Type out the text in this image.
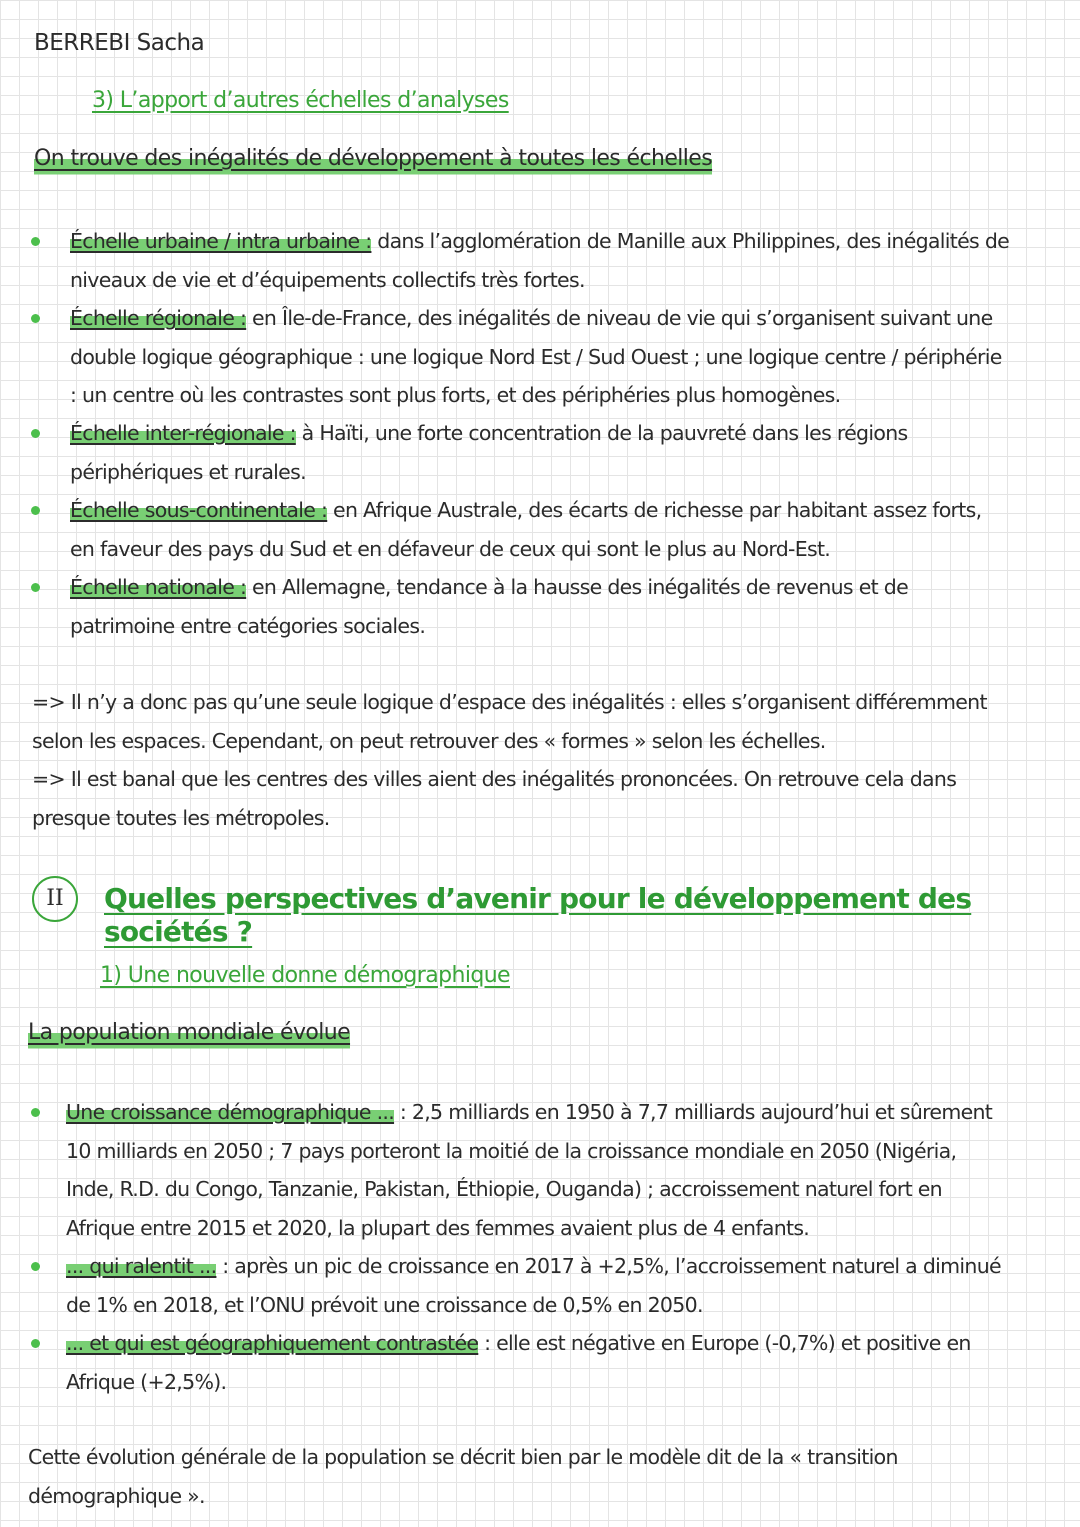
BERREBI Sacha
3) L’apport d’autres échelles d’analyses
On trouve des inégalités de développement à toutes les échelles
Échelle urbaine / intra urbaine : dans l’agglomération de Manille aux Philippines, des inégalités de niveaux de vie et d’équipements collectifs très fortes.
Échelle régionale : en Île-de-France, des inégalités de niveau de vie qui s’organisent suivant une double logique géographique : une logique Nord Est / Sud Ouest ; une logique centre / périphérie : un centre où les contrastes sont plus forts, et des périphéries plus homogènes.
Échelle inter-régionale : à Haïti, une forte concentration de la pauvreté dans les régions périphériques et rurales.
Échelle sous-continentale : en Afrique Australe, des écarts de richesse par habitant assez forts, en faveur des pays du Sud et en défaveur de ceux qui sont le plus au Nord-Est.
Échelle nationale : en Allemagne, tendance à la hausse des inégalités de revenus et de patrimoine entre catégories sociales.
=> Il n’y a donc pas qu’une seule logique d’espace des inégalités : elles s’organisent différemment selon les espaces. Cependant, on peut retrouver des « formes » selon les échelles.
=> Il est banal que les centres des villes aient des inégalités prononcées. On retrouve cela dans presque toutes les métropoles.
II	Quelles perspectives d’avenir pour le développement des sociétés ?
1) Une nouvelle donne démographique
La population mondiale évolue
Une croissance démographique ... : 2,5 milliards en 1950 à 7,7 milliards aujourd’hui et sûrement 10 milliards en 2050 ; 7 pays porteront la moitié de la croissance mondiale en 2050 (Nigéria, Inde, R.D. du Congo, Tanzanie, Pakistan, Éthiopie, Ouganda) ; accroissement naturel fort en Afrique entre 2015 et 2020, la plupart des femmes avaient plus de 4 enfants.
... qui ralentit ... : après un pic de croissance en 2017 à +2,5%, l’accroissement naturel a diminué de 1% en 2018, et l’ONU prévoit une croissance de 0,5% en 2050.
... et qui est géographiquement contrastée : elle est négative en Europe (-0,7%) et positive en Afrique (+2,5%).
Cette évolution générale de la population se décrit bien par le modèle dit de la « transition démographique ».
